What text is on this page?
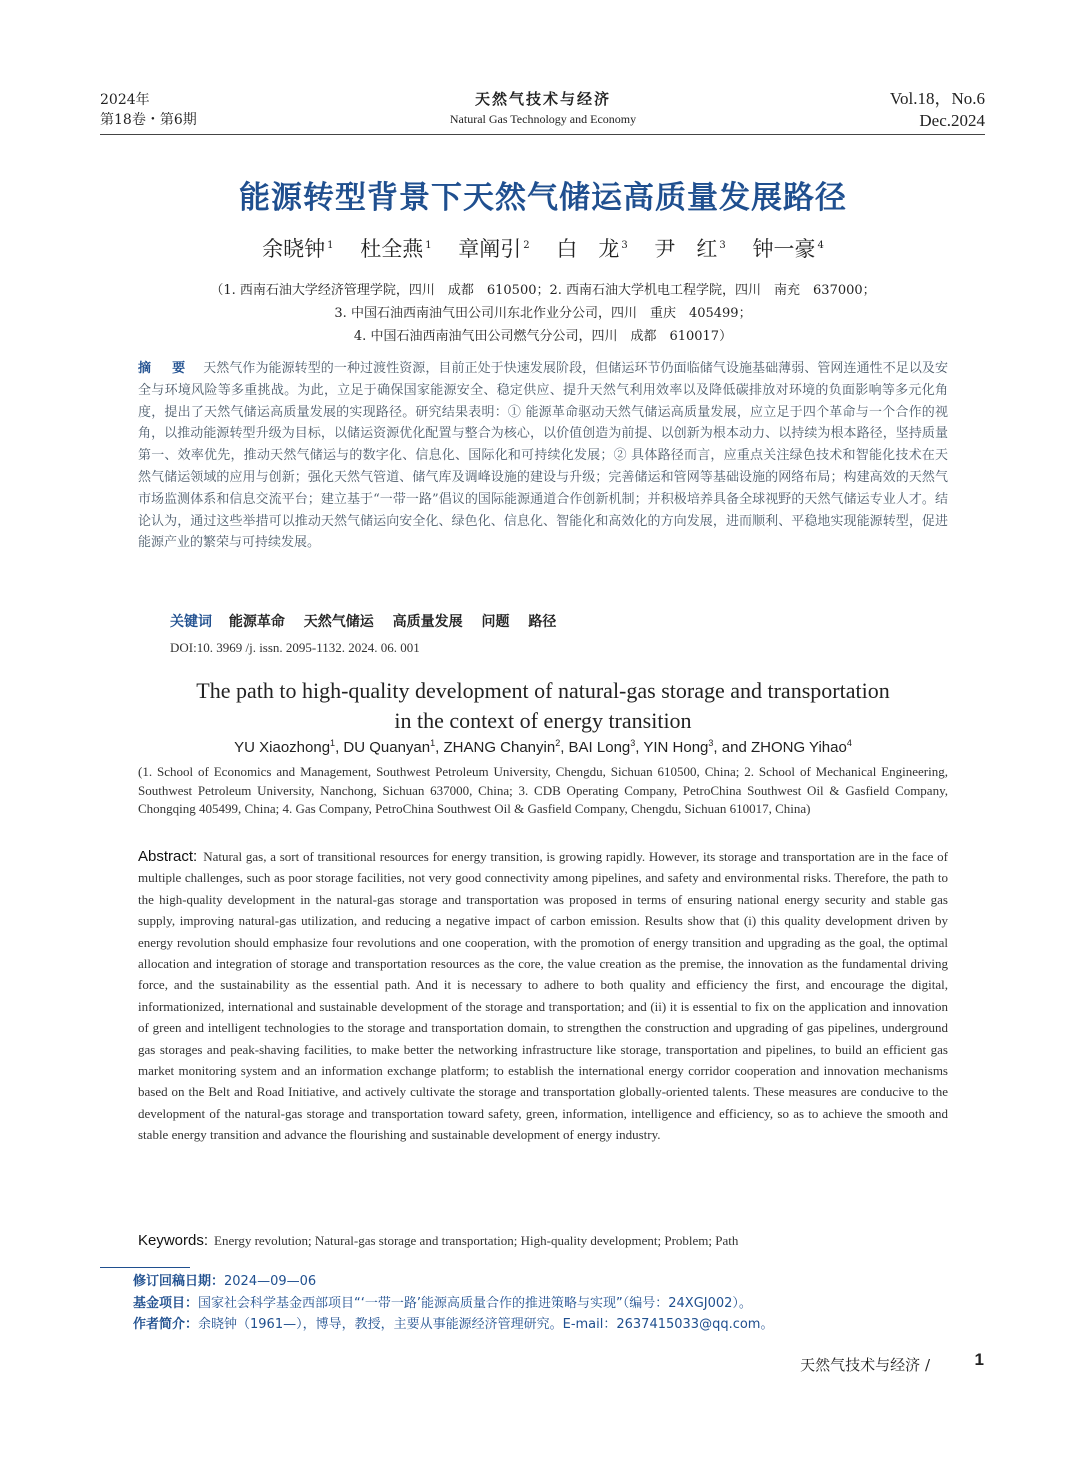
2024年
第18卷・第6期
天然气技术与经济
Natural Gas Technology and Economy
Vol.18，No.6
Dec.2024
能源转型背景下天然气储运高质量发展路径
余晓钟 $^1$ 杜全燕 $^1$ 章阐引 $^2$ 白　龙 $^3$ 尹　红 $^3$ 钟一豪 $^4$
（1. 西南石油大学经济管理学院，四川　成都　610500；2. 西南石油大学机电工程学院，四川　南充　637000；
3. 中国石油西南油气田公司川东北作业分公司，四川　重庆　405499；
4. 中国石油西南油气田公司燃气分公司，四川　成都　610017）
摘　要 天然气作为能源转型的一种过渡性资源，目前正处于快速发展阶段，但储运环节仍面临储气设施基础薄弱、管网连通性不足以及安全与环境风险等多重挑战。为此，立足于确保国家能源安全、稳定供应、提升天然气利用效率以及降低碳排放对环境的负面影响等多元化角度，提出了天然气储运高质量发展的实现路径。研究结果表明：① 能源革命驱动天然气储运高质量发展，应立足于四个革命与一个合作的视角，以推动能源转型升级为目标，以储运资源优化配置与整合为核心，以价值创造为前提、以创新为根本动力、以持续为根本路径，坚持质量第一、效率优先，推动天然气储运与的数字化、信息化、国际化和可持续化发展；② 具体路径而言，应重点关注绿色技术和智能化技术在天然气储运领域的应用与创新；强化天然气管道、储气库及调峰设施的建设与升级；完善储运和管网等基础设施的网络布局；构建高效的天然气市场监测体系和信息交流平台；建立基于“一带一路”倡议的国际能源通道合作创新机制；并积极培养具备全球视野的天然气储运专业人才。结论认为，通过这些举措可以推动天然气储运向安全化、绿色化、信息化、智能化和高效化的方向发展，进而顺利、平稳地实现能源转型，促进能源产业的繁荣与可持续发展。
关键词 能源革命 天然气储运 高质量发展 问题 路径
DOI:10. 3969 /j. issn. 2095-1132. 2024. 06. 001
The path to high-quality development of natural-gas storage and transportation
in the context of energy transition
YU Xiaozhong$^1$, DU Quanyan$^1$, ZHANG Chanyin$^2$, BAI Long$^3$, YIN Hong$^3$, and ZHONG Yihao$^4$
(1. School of Economics and Management, Southwest Petroleum University, Chengdu, Sichuan 610500, China; 2. School of Mechanical Engineering, Southwest Petroleum University, Nanchong, Sichuan 637000, China; 3. CDB Operating Company, PetroChina Southwest Oil & Gasfield Company, Chongqing 405499, China; 4. Gas Company, PetroChina Southwest Oil & Gasfield Company, Chengdu, Sichuan 610017, China)
Abstract: Natural gas, a sort of transitional resources for energy transition, is growing rapidly. However, its storage and transportation are in the face of multiple challenges, such as poor storage facilities, not very good connectivity among pipelines, and safety and environmental risks. Therefore, the path to the high-quality development in the natural-gas storage and transportation was proposed in terms of ensuring national energy security and stable gas supply, improving natural-gas utilization, and reducing a negative impact of carbon emission. Results show that (i) this quality development driven by energy revolution should emphasize four revolutions and one cooperation, with the promotion of energy transition and upgrading as the goal, the optimal allocation and integration of storage and transportation resources as the core, the value creation as the premise, the innovation as the fundamental driving force, and the sustainability as the essential path. And it is necessary to adhere to both quality and efficiency the first, and encourage the digital, informationized, international and sustainable development of the storage and transportation; and (ii) it is essential to fix on the application and innovation of green and intelligent technologies to the storage and transportation domain, to strengthen the construction and upgrading of gas pipelines, underground gas storages and peak-shaving facilities, to make better the networking infrastructure like storage, transportation and pipelines, to build an efficient gas market monitoring system and an information exchange platform; to establish the international energy corridor cooperation and innovation mechanisms based on the Belt and Road Initiative, and actively cultivate the storage and transportation globally-oriented talents. These measures are conducive to the development of the natural-gas storage and transportation toward safety, green, information, intelligence and efficiency, so as to achieve the smooth and stable energy transition and advance the flourishing and sustainable development of energy industry.
Keywords: Energy revolution; Natural-gas storage and transportation; High-quality development; Problem; Path
修订回稿日期：2024—09—06
基金项目：国家社会科学基金西部项目“‘一带一路’能源高质量合作的推进策略与实现”（编号：24XGJ002）。
作者简介：余晓钟（1961—），博导，教授，主要从事能源经济管理研究。E-mail：2637415033@qq.com。
天然气技术与经济 /	1
